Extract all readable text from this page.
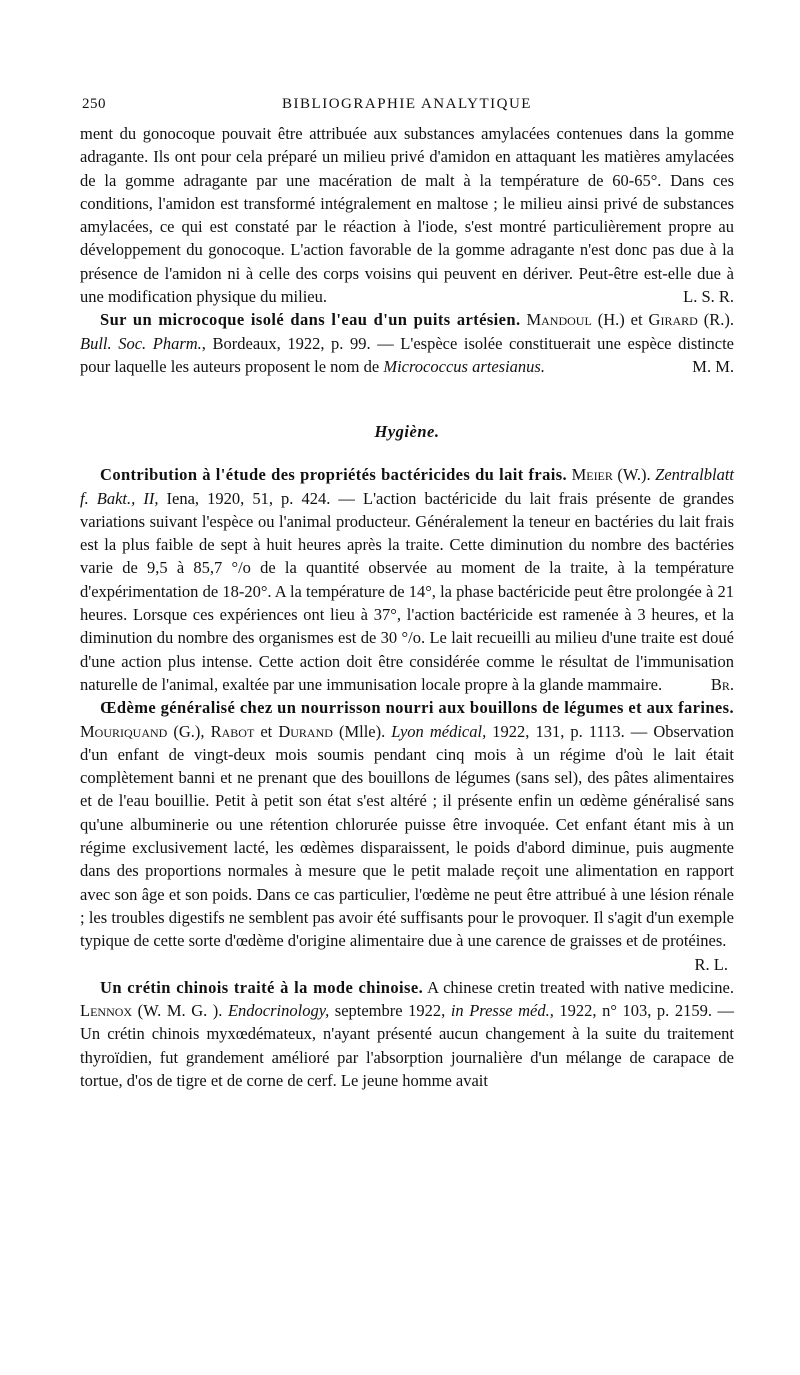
250	BIBLIOGRAPHIE ANALYTIQUE

ment du gonocoque pouvait être attribuée aux substances amylacées contenues dans la gomme adragante. Ils ont pour cela préparé un milieu privé d'amidon en attaquant les matières amylacées de la gomme adragante par une macération de malt à la température de 60-65°. Dans ces conditions, l'amidon est transformé intégralement en maltose ; le milieu ainsi privé de substances amylacées, ce qui est constaté par le réaction à l'iode, s'est montré particulièrement propre au développement du gonocoque. L'action favorable de la gomme adragante n'est donc pas due à la présence de l'amidon ni à celle des corps voisins qui peuvent en dériver. Peut-être est-elle due à une modification physique du milieu.	L. S. R.

Sur un microcoque isolé dans l'eau d'un puits artésien. Mandoul (H.) et Girard (R.). Bull. Soc. Pharm., Bordeaux, 1922, p. 99. — L'espèce isolée constituerait une espèce distincte pour laquelle les auteurs proposent le nom de Micrococcus artesianus.	M. M.

Hygiène.

Contribution à l'étude des propriétés bactéricides du lait frais. Meier (W.). Zentralblatt f. Bakt., II, Iena, 1920, 51, p. 424. — L'action bactéricide du lait frais présente de grandes variations suivant l'espèce ou l'animal producteur. Généralement la teneur en bactéries du lait frais est la plus faible de sept à huit heures après la traite. Cette diminution du nombre des bactéries varie de 9,5 à 85,7 °/o de la quantité observée au moment de la traite, à la température d'expérimentation de 18-20°. A la température de 14°, la phase bactéricide peut être prolongée à 21 heures. Lorsque ces expériences ont lieu à 37°, l'action bactéricide est ramenée à 3 heures, et la diminution du nombre des organismes est de 30 °/o. Le lait recueilli au milieu d'une traite est doué d'une action plus intense. Cette action doit être considérée comme le résultat de l'immunisation naturelle de l'animal, exaltée par une immunisation locale propre à la glande mammaire.	Br.

Œdème généralisé chez un nourrisson nourri aux bouillons de légumes et aux farines. Mouriquand (G.), Rabot et Durand (Mlle). Lyon médical, 1922, 131, p. 1113. — Observation d'un enfant de vingt-deux mois soumis pendant cinq mois à un régime d'où le lait était complètement banni et ne prenant que des bouillons de légumes (sans sel), des pâtes alimentaires et de l'eau bouillie. Petit à petit son état s'est altéré ; il présente enfin un œdème généralisé sans qu'une albuminerie ou une rétention chlorurée puisse être invoquée. Cet enfant étant mis à un régime exclusivement lacté, les œdèmes disparaissent, le poids d'abord diminue, puis augmente dans des proportions normales à mesure que le petit malade reçoit une alimentation en rapport avec son âge et son poids. Dans ce cas particulier, l'œdème ne peut être attribué à une lésion rénale ; les troubles digestifs ne semblent pas avoir été suffisants pour le provoquer. Il s'agit d'un exemple typique de cette sorte d'œdème d'origine alimentaire due à une carence de graisses et de protéines.

R. L.

Un crétin chinois traité à la mode chinoise. A chinese cretin treated with native medicine. Lennox (W. M. G. ). Endocrinology, septembre 1922, in Presse méd., 1922, n° 103, p. 2159. — Un crétin chinois myxœdémateux, n'ayant présenté aucun changement à la suite du traitement thyroïdien, fut grandement amélioré par l'absorption journalière d'un mélange de carapace de tortue, d'os de tigre et de corne de cerf. Le jeune homme avait
